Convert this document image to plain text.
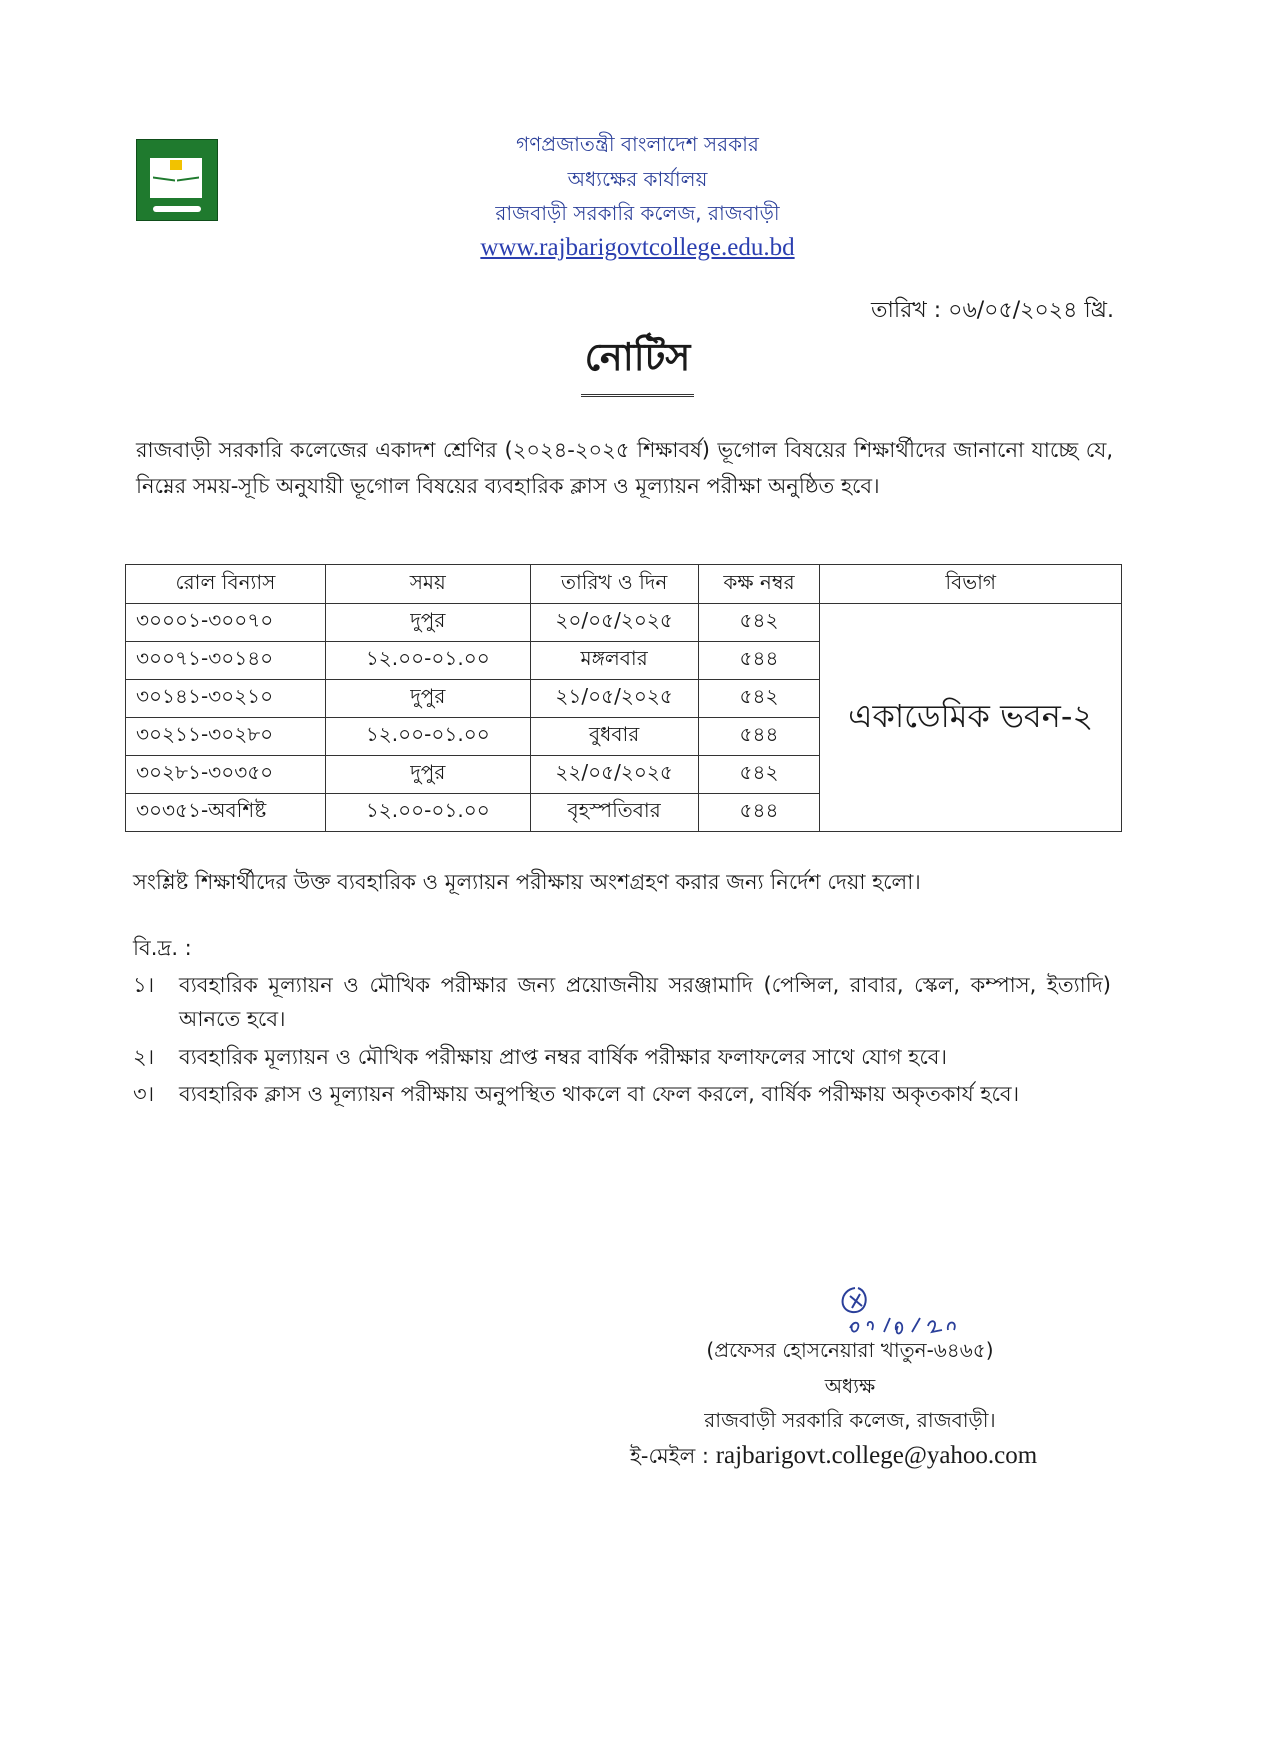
গণপ্রজাতন্ত্রী বাংলাদেশ সরকার
অধ্যক্ষের কার্যালয়
রাজবাড়ী সরকারি কলেজ, রাজবাড়ী
www.rajbarigovtcollege.edu.bd
তারিখ : ০৬/০৫/২০২৪ খ্রি.
নোটিস
রাজবাড়ী সরকারি কলেজের একাদশ শ্রেণির (২০২৪-২০২৫ শিক্ষাবর্ষ) ভূগোল বিষয়ের শিক্ষার্থীদের জানানো যাচ্ছে যে, নিম্নের সময়-সূচি অনুযায়ী ভূগোল বিষয়ের ব্যবহারিক ক্লাস ও মূল্যায়ন পরীক্ষা অনুষ্ঠিত হবে।
রোল বিন্যাস	সময়	তারিখ ও দিন	কক্ষ নম্বর	বিভাগ
৩০০০১-৩০০৭০	দুপুর	২০/০৫/২০২৫	৫৪২	একাডেমিক ভবন-২
৩০০৭১-৩০১৪০	১২.০০-০১.০০	মঙ্গলবার	৫৪৪	
৩০১৪১-৩০২১০	দুপুর	২১/০৫/২০২৫	৫৪২	
৩০২১১-৩০২৮০	১২.০০-০১.০০	বুধবার	৫৪৪	
৩০২৮১-৩০৩৫০	দুপুর	২২/০৫/২০২৫	৫৪২	
৩০৩৫১-অবশিষ্ট	১২.০০-০১.০০	বৃহস্পতিবার	৫৪৪	
সংশ্লিষ্ট শিক্ষার্থীদের উক্ত ব্যবহারিক ও মূল্যায়ন পরীক্ষায় অংশগ্রহণ করার জন্য নির্দেশ দেয়া হলো।
বি.দ্র. :
১। ব্যবহারিক মূল্যায়ন ও মৌখিক পরীক্ষার জন্য প্রয়োজনীয় সরঞ্জামাদি (পেন্সিল, রাবার, স্কেল, কম্পাস, ইত্যাদি) আনতে হবে।
২। ব্যবহারিক মূল্যায়ন ও মৌখিক পরীক্ষায় প্রাপ্ত নম্বর বার্ষিক পরীক্ষার ফলাফলের সাথে যোগ হবে।
৩। ব্যবহারিক ক্লাস ও মূল্যায়ন পরীক্ষায় অনুপস্থিত থাকলে বা ফেল করলে, বার্ষিক পরীক্ষায় অকৃতকার্য হবে।
(প্রফেসর হোসনেয়ারা খাতুন-৬৪৬৫)
অধ্যক্ষ
রাজবাড়ী সরকারি কলেজ, রাজবাড়ী।
ই-মেইল : rajbarigovt.college@yahoo.com
